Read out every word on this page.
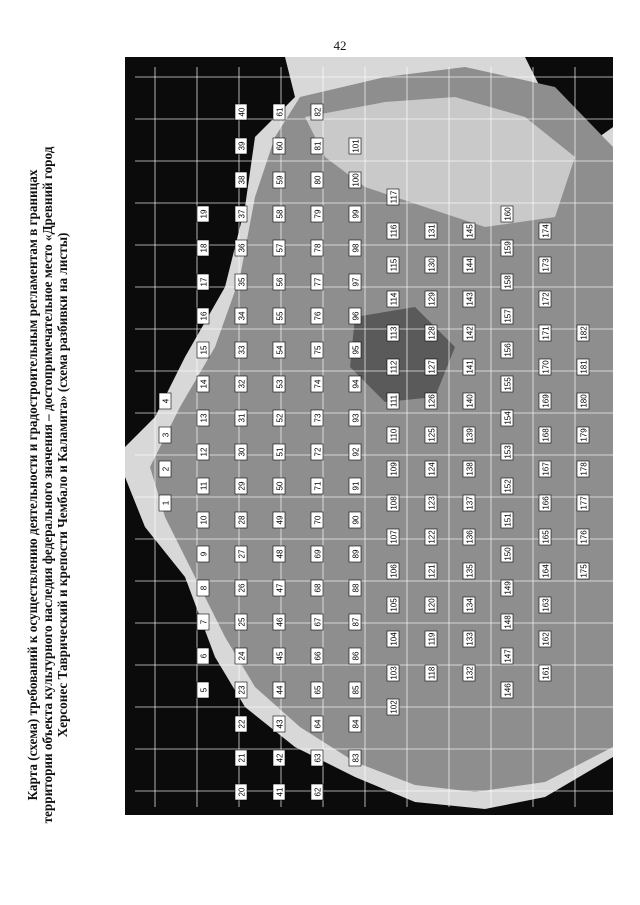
42
Карта (схема) требований к осуществлению деятельности и градостроительным регламентам в границах территории объекта культурного наследия федерального значения – достопримечательное место «Древний город Херсонес Таврический и крепости Чембало и Каламита» (схема разбивки на листы)	1
2
3
4
5
6
7
8
9
10
11
12
13
14
15
16
17
18
19
20
21
22
23
24
25
26
27
28
29
30
31
32
33
34
35
36
37
38
39
40
41
42
43
44
45
46
47
48
49
50
51
52
53
54
55
56
57
58
59
60
61
62
63
64
65
66
67
68
69
70
71
72
73
74
75
76
77
78
79
80
81
82
83
84
85
86
87
88
89
90
91
92
93
94
95
96
97
98
99
100
101
102
103
104
105
106
107
108
109
110
111
112
113
114
115
116
117
118
119
120
121
122
123
124
125
126
127
128
129
130
131
132
133
134
135
136
137
138
139
140
141
142
143
144
145
146
147
148
149
150
151
152
153
154
155
156
157
158
159
160
161
162
163
164
165
166
167
168
169
170
171
172
173
174
175
176
177
178
179
180
181
182
